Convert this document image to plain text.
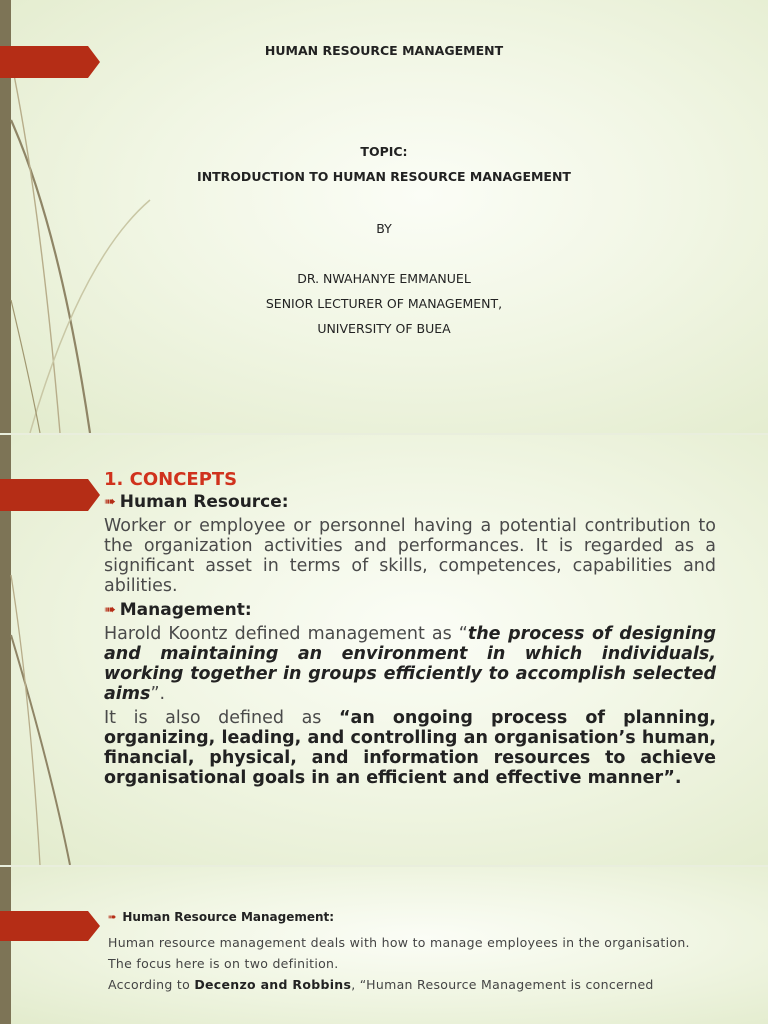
HUMAN RESOURCE MANAGEMENT
TOPIC:
INTRODUCTION TO HUMAN RESOURCE MANAGEMENT
BY
DR. NWAHANYE EMMANUEL
SENIOR LECTURER OF MANAGEMENT,
UNIVERSITY OF BUEA
1. CONCEPTS
➠ Human Resource:
Worker or employee or personnel having a potential contribution to the organization activities and performances. It is regarded as a significant asset in terms of skills, competences, capabilities and abilities.
➠ Management:
Harold Koontz defined management as “the process of designing and maintaining an environment in which individuals, working together in groups efficiently to accomplish selected aims”.
It is also defined as “an ongoing process of planning, organizing, leading, and controlling an organisation’s human, financial, physical, and information resources to achieve organisational goals in an efficient and effective manner”.
➠ Human Resource Management:
Human resource management deals with how to manage employees in the organisation.
The focus here is on two definition.
According to Decenzo and Robbins, “Human Resource Management is concerned
